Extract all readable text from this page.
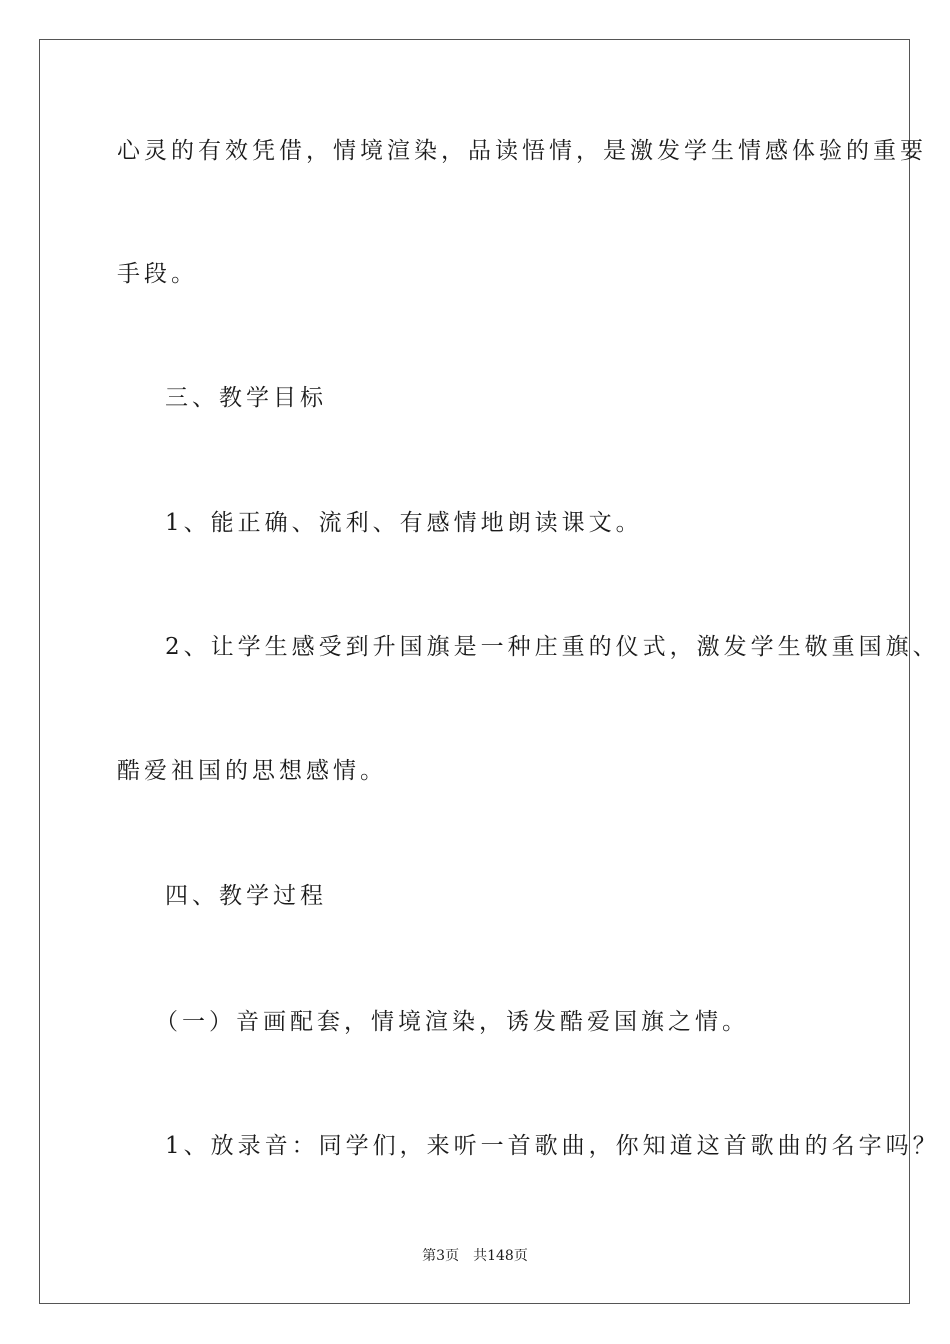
心灵的有效凭借，情境渲染，品读悟情，是激发学生情感体验的重要
手段。
三、教学目标
1、能正确、流利、有感情地朗读课文。
2、让学生感受到升国旗是一种庄重的仪式，激发学生敬重国旗、
酷爱祖国的思想感情。
四、教学过程
（一）音画配套，情境渲染，诱发酷爱国旗之情。
1、放录音：同学们，来听一首歌曲，你知道这首歌曲的名字吗？
第3页 共148页
